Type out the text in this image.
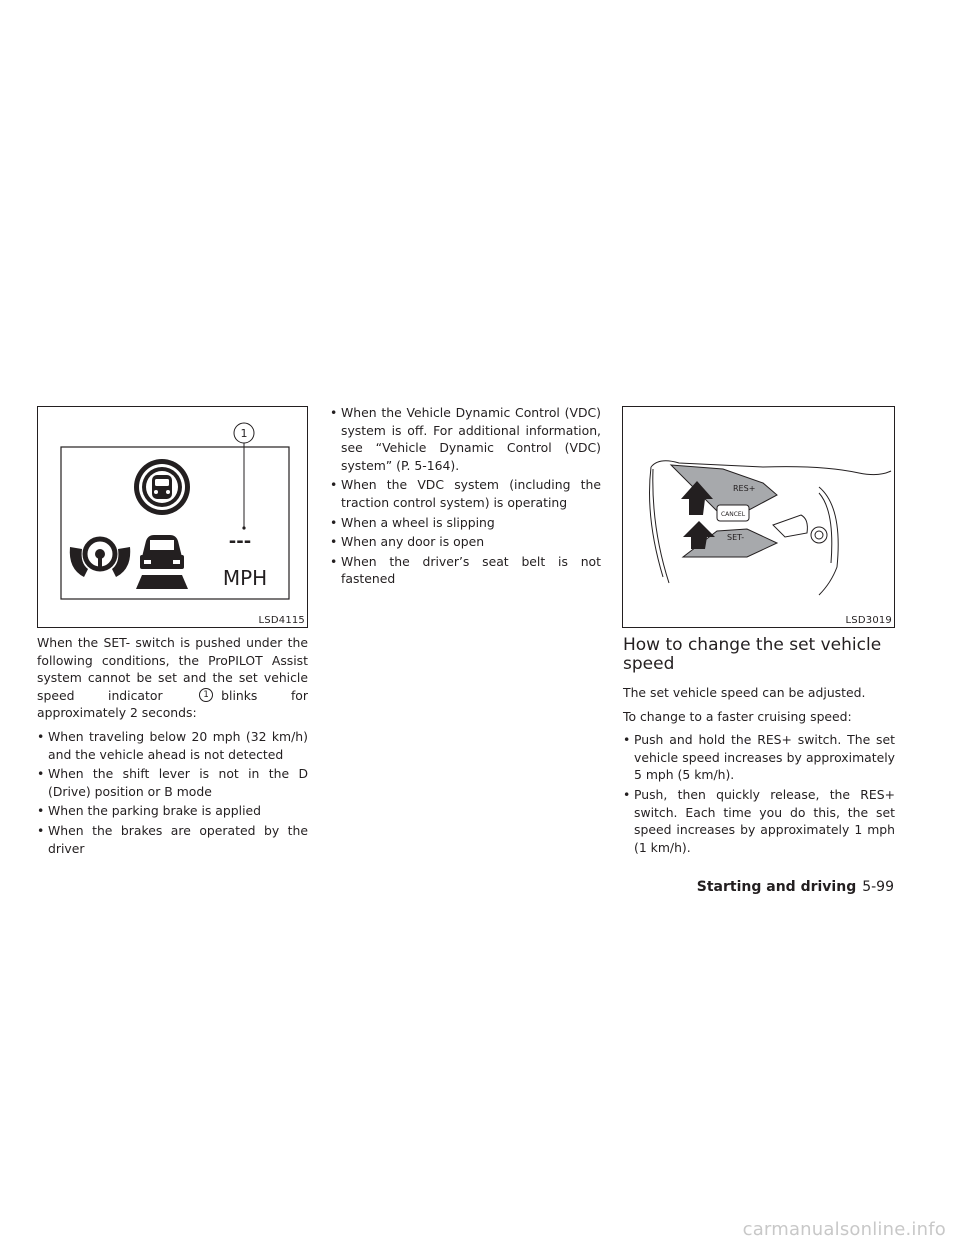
---
MPH
1
LSD4115
RES+
CANCEL
SET-
LSD3019

When the SET- switch is pushed under the following conditions, the ProPILOT Assist system cannot be set and the set vehicle speed indicator	1 blinks for approximately 2 seconds:

• When traveling below 20 mph (32 km/h) and the vehicle ahead is not detected
• When the shift lever is not in the D (Drive) position or B mode
• When the parking brake is applied
• When the brakes are operated by the driver
• When the Vehicle Dynamic Control (VDC) system is off. For additional information, see “Vehicle Dynamic Control (VDC) system” (P. 5-164).
• When the VDC system (including the traction control system) is operating
• When a wheel is slipping
• When any door is open
• When the driver’s seat belt is not fastened
How to change the set vehicle speed

The set vehicle speed can be adjusted.

To change to a faster cruising speed:

• Push and hold the RES+ switch. The set vehicle speed increases by approximately 5 mph (5 km/h).
• Push, then quickly release, the RES+ switch. Each time you do this, the set speed increases by approximately 1 mph (1 km/h).
Starting and driving 5-99
carmanualsonline.info
